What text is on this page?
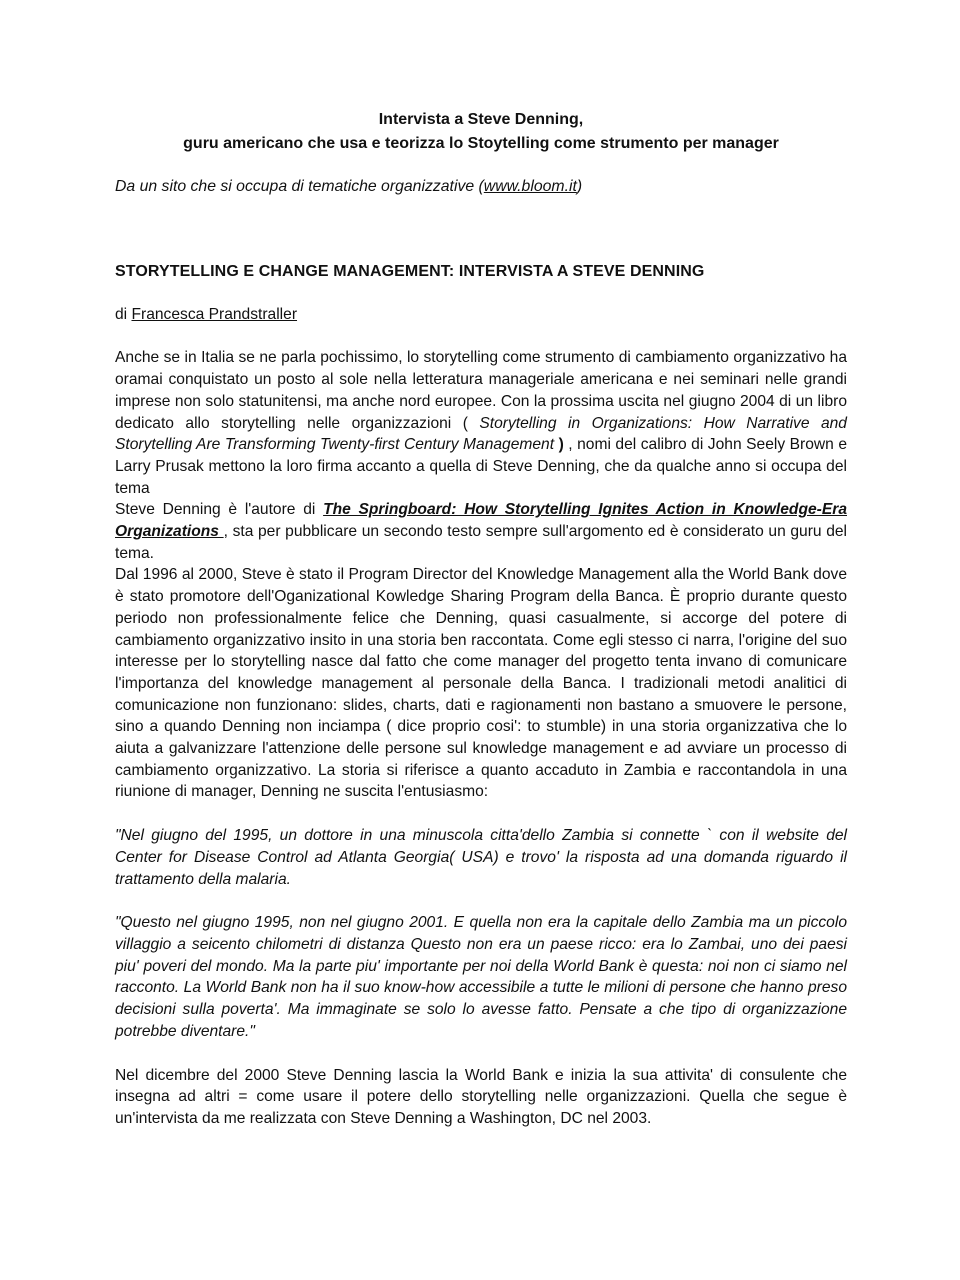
Intervista a Steve Denning,
guru americano che usa e teorizza lo Stoytelling come strumento per manager
Da un sito che si occupa di tematiche organizzative (www.bloom.it)
STORYTELLING E CHANGE MANAGEMENT: INTERVISTA A STEVE DENNING
di Francesca Prandstraller

Anche se in Italia se ne parla pochissimo, lo storytelling come strumento di cambiamento organizzativo ha oramai conquistato un posto al sole nella letteratura manageriale americana e nei seminari nelle grandi imprese non solo statunitensi, ma anche nord europee. Con la prossima uscita nel giugno 2004 di un libro dedicato allo storytelling nelle organizzazioni ( Storytelling in Organizations: How Narrative and Storytelling Are Transforming Twenty-first Century Management ) , nomi del calibro di John Seely Brown e Larry Prusak mettono la loro firma accanto a quella di Steve Denning, che da qualche anno si occupa del tema

Steve Denning è l'autore di The Springboard: How Storytelling Ignites Action in Knowledge-Era Organizations , sta per pubblicare un secondo testo sempre sull'argomento ed è considerato un guru del tema.

Dal 1996 al 2000, Steve è stato il Program Director del Knowledge Management alla the World Bank dove è stato promotore dell'Oganizational Kowledge Sharing Program della Banca. È proprio durante questo periodo non professionalmente felice che Denning, quasi casualmente, si accorge del potere di cambiamento organizzativo insito in una storia ben raccontata. Come egli stesso ci narra, l'origine del suo interesse per lo storytelling nasce dal fatto che come manager del progetto tenta invano di comunicare l'importanza del knowledge management al personale della Banca. I tradizionali metodi analitici di comunicazione non funzionano: slides, charts, dati e ragionamenti non bastano a smuovere le persone, sino a quando Denning non inciampa ( dice proprio cosi': to stumble) in una storia organizzativa che lo aiuta a galvanizzare l'attenzione delle persone sul knowledge management e ad avviare un processo di cambiamento organizzativo. La storia si riferisce a quanto accaduto in Zambia e raccontandola in una riunione di manager, Denning ne suscita l'entusiasmo:

"Nel giugno del 1995, un dottore in una minuscola citta'dello Zambia si connette ` con il website del Center for Disease Control ad Atlanta Georgia( USA) e trovo' la risposta ad una domanda riguardo il trattamento della malaria.
"Questo nel giugno 1995, non nel giugno 2001. E quella non era la capitale dello Zambia ma un piccolo villaggio a seicento chilometri di distanza Questo non era un paese ricco: era lo Zambai, uno dei paesi piu' poveri del mondo. Ma la parte piu' importante per noi della World Bank è questa: noi non ci siamo nel racconto. La World Bank non ha il suo know-how accessibile a tutte le milioni di persone che hanno preso decisioni sulla poverta'. Ma immaginate se solo lo avesse fatto. Pensate a che tipo di organizzazione potrebbe diventare."
Nel dicembre del 2000 Steve Denning lascia la World Bank e inizia la sua attivita' di consulente che insegna ad altri = come usare il potere dello storytelling nelle organizzazioni. Quella che segue è un'intervista da me realizzata con Steve Denning a Washington, DC nel 2003.
